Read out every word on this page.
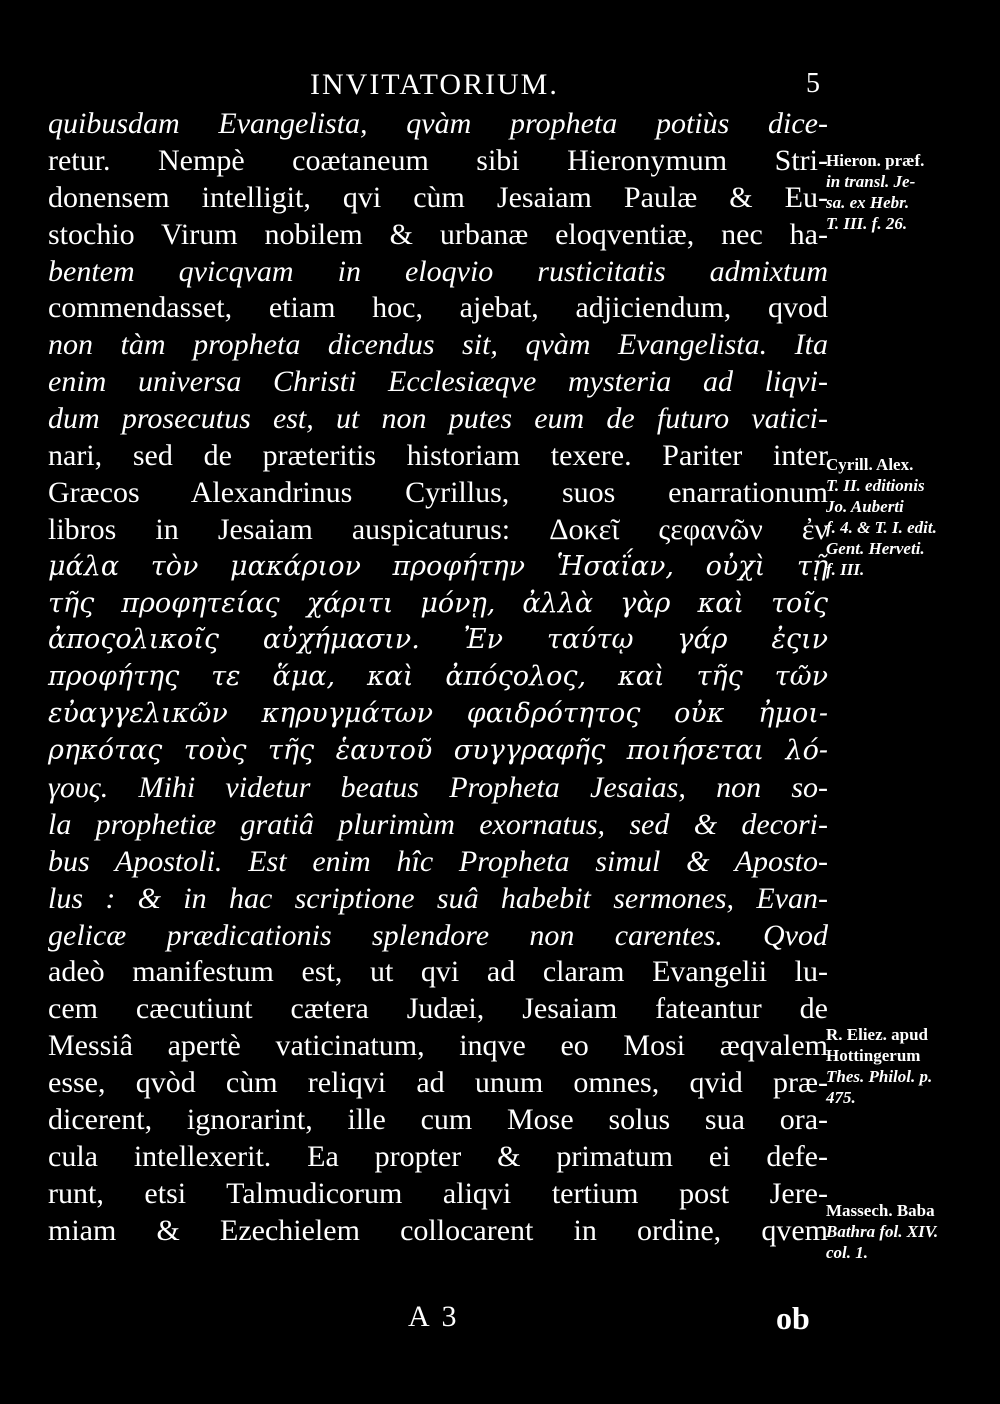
INVITATORIUM.	5
quibusdam Evangelista, qvàm propheta potiùs dice-
retur. Nempè coætaneum sibi Hieronymum Stri-
donensem intelligit, qvi cùm Jesaiam Paulæ & Eu-
stochio Virum nobilem & urbanæ eloqventiæ, nec ha-
bentem qvicqvam in eloqvio rusticitatis admixtum
commendasset, etiam hoc, ajebat, adjiciendum, qvod
non tàm propheta dicendus sit, qvàm Evangelista. Ita
enim universa Christi Ecclesiæqve mysteria ad liqvi-
dum prosecutus est, ut non putes eum de futuro vatici-
nari, sed de præteritis historiam texere. Pariter inter
Græcos Alexandrinus Cyrillus, suos enarrationum
libros in Jesaiam auspicaturus: Δοκεῖ ςεφανῶν ἐν
μάλα τὸν μακάριον προφήτην Ἡσαΐαν, οὐχὶ τῇ
τῆς προφητείας χάριτι μόνῃ, ἀλλὰ γὰρ καὶ τοῖς
ἀποςολικοῖς αὐχήμασιν. Ἐν ταύτῳ γάρ ἐςιν
προφήτης τε ἅμα, καὶ ἀπόςολος, καὶ τῆς τῶν
εὐαγγελικῶν κηρυγμάτων φαιδρότητος οὐκ ἠμοι-
ρηκότας τοὺς τῆς ἑαυτοῦ συγγραφῆς ποιήσεται λό-
γους. Mihi videtur beatus Propheta Jesaias, non so-
la prophetiæ gratiâ plurimùm exornatus, sed & decori-
bus Apostoli. Est enim hîc Propheta simul & Aposto-
lus : & in hac scriptione suâ habebit sermones, Evan-
gelicæ prædicationis splendore non carentes. Qvod
adeò manifestum est, ut qvi ad claram Evangelii lu-
cem cæcutiunt cætera Judæi, Jesaiam fateantur de
Messiâ apertè vaticinatum, inqve eo Mosi æqvalem
esse, qvòd cùm reliqvi ad unum omnes, qvid præ-
dicerent, ignorarint, ille cum Mose solus sua ora-
cula intellexerit. Ea propter & primatum ei defe-
runt, etsi Talmudicorum aliqvi tertium post Jere-
miam & Ezechielem collocarent in ordine, qvem
Hieron. præf.
in transl. Je-
sa. ex Hebr.
T. III. f. 26.
Cyrill. Alex.
T. II. editionis
Jo. Auberti
f. 4. & T. I. edit.
Gent. Herveti.
f. III.
R. Eliez. apud
Hottingerum
Thes. Philol. p.
475.
Massech. Baba
Bathra fol. XIV.
col. 1.
A 3	ob
